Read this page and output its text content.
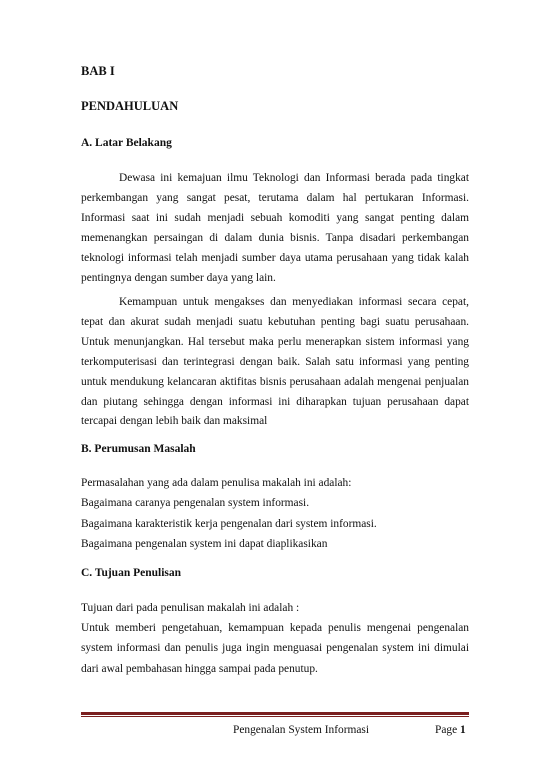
BAB I
PENDAHULUAN
A. Latar Belakang

Dewasa ini kemajuan ilmu Teknologi dan Informasi berada pada tingkat perkembangan yang sangat pesat, terutama dalam hal pertukaran Informasi. Informasi saat ini sudah menjadi sebuah komoditi yang sangat penting dalam memenangkan persaingan di dalam dunia bisnis. Tanpa disadari perkembangan teknologi informasi telah menjadi sumber daya utama perusahaan yang tidak kalah pentingnya dengan sumber daya yang lain.

Kemampuan untuk mengakses dan menyediakan informasi secara cepat, tepat dan akurat sudah menjadi suatu kebutuhan penting bagi suatu perusahaan. Untuk menunjangkan. Hal tersebut maka perlu menerapkan sistem informasi yang terkomputerisasi dan terintegrasi dengan baik. Salah satu informasi yang penting untuk mendukung kelancaran aktifitas bisnis perusahaan adalah mengenai penjualan dan piutang sehingga dengan informasi ini diharapkan tujuan perusahaan dapat tercapai dengan lebih baik dan maksimal

B. Perumusan Masalah
Permasalahan yang ada dalam penulisa makalah ini adalah:
Bagaimana caranya pengenalan system informasi.
Bagaimana karakteristik kerja pengenalan dari system informasi.
Bagaimana pengenalan system ini dapat diaplikasikan
C. Tujuan Penulisan
Tujuan dari pada penulisan makalah ini adalah :

Untuk memberi pengetahuan, kemampuan kepada penulis mengenai pengenalan system informasi dan penulis juga ingin menguasai pengenalan system ini dimulai dari awal pembahasan hingga sampai pada penutup.

Pengenalan System Informasi	Page 1
